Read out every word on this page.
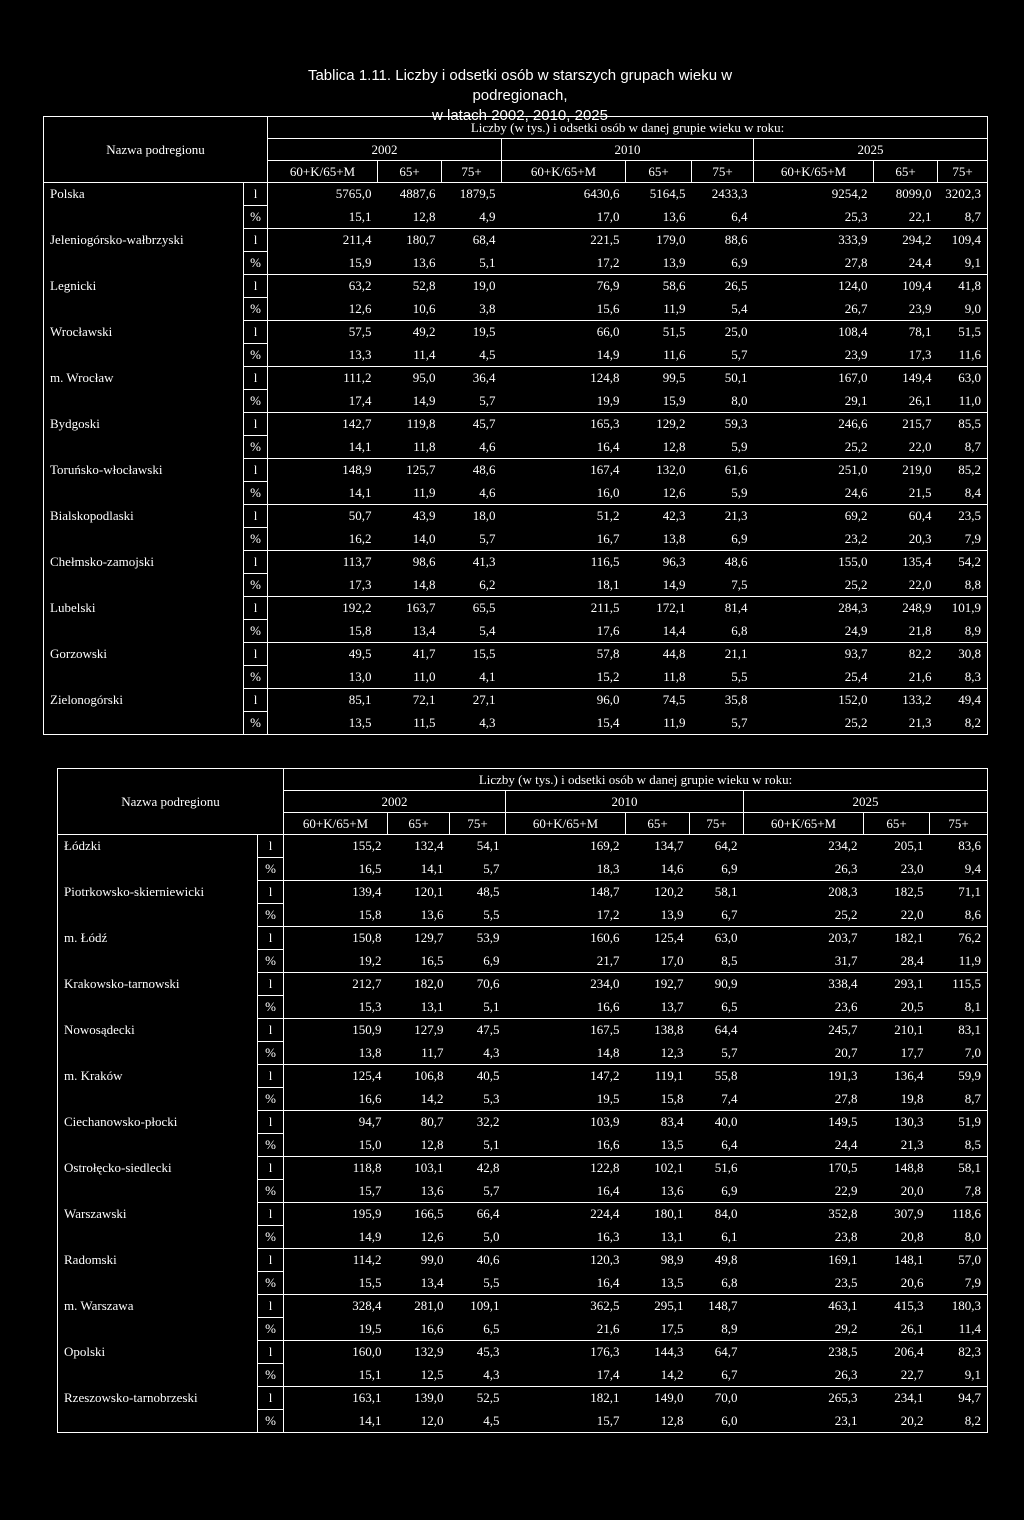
Tablica 1.11. Liczby i odsetki osób w starszych grupach wieku w podregionach,
w latach 2002, 2010, 2025
Nazwa podregionu		Liczby (w tys.) i odsetki osób w danej grupie wieku w roku:								
		2002			2010			2025		
		60+K/65+M	65+	75+	60+K/65+M	65+	75+	60+K/65+M	65+	75+
Polska	l	5765,0	4887,6	1879,5	6430,6	5164,5	2433,3	9254,2	8099,0	3202,3
	%	15,1	12,8	4,9	17,0	13,6	6,4	25,3	22,1	8,7
Jeleniogórsko-wałbrzyski	l	211,4	180,7	68,4	221,5	179,0	88,6	333,9	294,2	109,4
	%	15,9	13,6	5,1	17,2	13,9	6,9	27,8	24,4	9,1
Legnicki	l	63,2	52,8	19,0	76,9	58,6	26,5	124,0	109,4	41,8
	%	12,6	10,6	3,8	15,6	11,9	5,4	26,7	23,9	9,0
Wrocławski	l	57,5	49,2	19,5	66,0	51,5	25,0	108,4	78,1	51,5
	%	13,3	11,4	4,5	14,9	11,6	5,7	23,9	17,3	11,6
m. Wrocław	l	111,2	95,0	36,4	124,8	99,5	50,1	167,0	149,4	63,0
	%	17,4	14,9	5,7	19,9	15,9	8,0	29,1	26,1	11,0
Bydgoski	l	142,7	119,8	45,7	165,3	129,2	59,3	246,6	215,7	85,5
	%	14,1	11,8	4,6	16,4	12,8	5,9	25,2	22,0	8,7
Toruńsko-włocławski	l	148,9	125,7	48,6	167,4	132,0	61,6	251,0	219,0	85,2
	%	14,1	11,9	4,6	16,0	12,6	5,9	24,6	21,5	8,4
Bialskopodlaski	l	50,7	43,9	18,0	51,2	42,3	21,3	69,2	60,4	23,5
	%	16,2	14,0	5,7	16,7	13,8	6,9	23,2	20,3	7,9
Chełmsko-zamojski	l	113,7	98,6	41,3	116,5	96,3	48,6	155,0	135,4	54,2
	%	17,3	14,8	6,2	18,1	14,9	7,5	25,2	22,0	8,8
Lubelski	l	192,2	163,7	65,5	211,5	172,1	81,4	284,3	248,9	101,9
	%	15,8	13,4	5,4	17,6	14,4	6,8	24,9	21,8	8,9
Gorzowski	l	49,5	41,7	15,5	57,8	44,8	21,1	93,7	82,2	30,8
	%	13,0	11,0	4,1	15,2	11,8	5,5	25,4	21,6	8,3
Zielonogórski	l	85,1	72,1	27,1	96,0	74,5	35,8	152,0	133,2	49,4
	%	13,5	11,5	4,3	15,4	11,9	5,7	25,2	21,3	8,2
Nazwa podregionu		Liczby (w tys.) i odsetki osób w danej grupie wieku w roku:								
		2002			2010			2025		
		60+K/65+M	65+	75+	60+K/65+M	65+	75+	60+K/65+M	65+	75+
Łódzki	l	155,2	132,4	54,1	169,2	134,7	64,2	234,2	205,1	83,6
	%	16,5	14,1	5,7	18,3	14,6	6,9	26,3	23,0	9,4
Piotrkowsko-skierniewicki	l	139,4	120,1	48,5	148,7	120,2	58,1	208,3	182,5	71,1
	%	15,8	13,6	5,5	17,2	13,9	6,7	25,2	22,0	8,6
m. Łódź	l	150,8	129,7	53,9	160,6	125,4	63,0	203,7	182,1	76,2
	%	19,2	16,5	6,9	21,7	17,0	8,5	31,7	28,4	11,9
Krakowsko-tarnowski	l	212,7	182,0	70,6	234,0	192,7	90,9	338,4	293,1	115,5
	%	15,3	13,1	5,1	16,6	13,7	6,5	23,6	20,5	8,1
Nowosądecki	l	150,9	127,9	47,5	167,5	138,8	64,4	245,7	210,1	83,1
	%	13,8	11,7	4,3	14,8	12,3	5,7	20,7	17,7	7,0
m. Kraków	l	125,4	106,8	40,5	147,2	119,1	55,8	191,3	136,4	59,9
	%	16,6	14,2	5,3	19,5	15,8	7,4	27,8	19,8	8,7
Ciechanowsko-płocki	l	94,7	80,7	32,2	103,9	83,4	40,0	149,5	130,3	51,9
	%	15,0	12,8	5,1	16,6	13,5	6,4	24,4	21,3	8,5
Ostrołęcko-siedlecki	l	118,8	103,1	42,8	122,8	102,1	51,6	170,5	148,8	58,1
	%	15,7	13,6	5,7	16,4	13,6	6,9	22,9	20,0	7,8
Warszawski	l	195,9	166,5	66,4	224,4	180,1	84,0	352,8	307,9	118,6
	%	14,9	12,6	5,0	16,3	13,1	6,1	23,8	20,8	8,0
Radomski	l	114,2	99,0	40,6	120,3	98,9	49,8	169,1	148,1	57,0
	%	15,5	13,4	5,5	16,4	13,5	6,8	23,5	20,6	7,9
m. Warszawa	l	328,4	281,0	109,1	362,5	295,1	148,7	463,1	415,3	180,3
	%	19,5	16,6	6,5	21,6	17,5	8,9	29,2	26,1	11,4
Opolski	l	160,0	132,9	45,3	176,3	144,3	64,7	238,5	206,4	82,3
	%	15,1	12,5	4,3	17,4	14,2	6,7	26,3	22,7	9,1
Rzeszowsko-tarnobrzeski	l	163,1	139,0	52,5	182,1	149,0	70,0	265,3	234,1	94,7
	%	14,1	12,0	4,5	15,7	12,8	6,0	23,1	20,2	8,2
